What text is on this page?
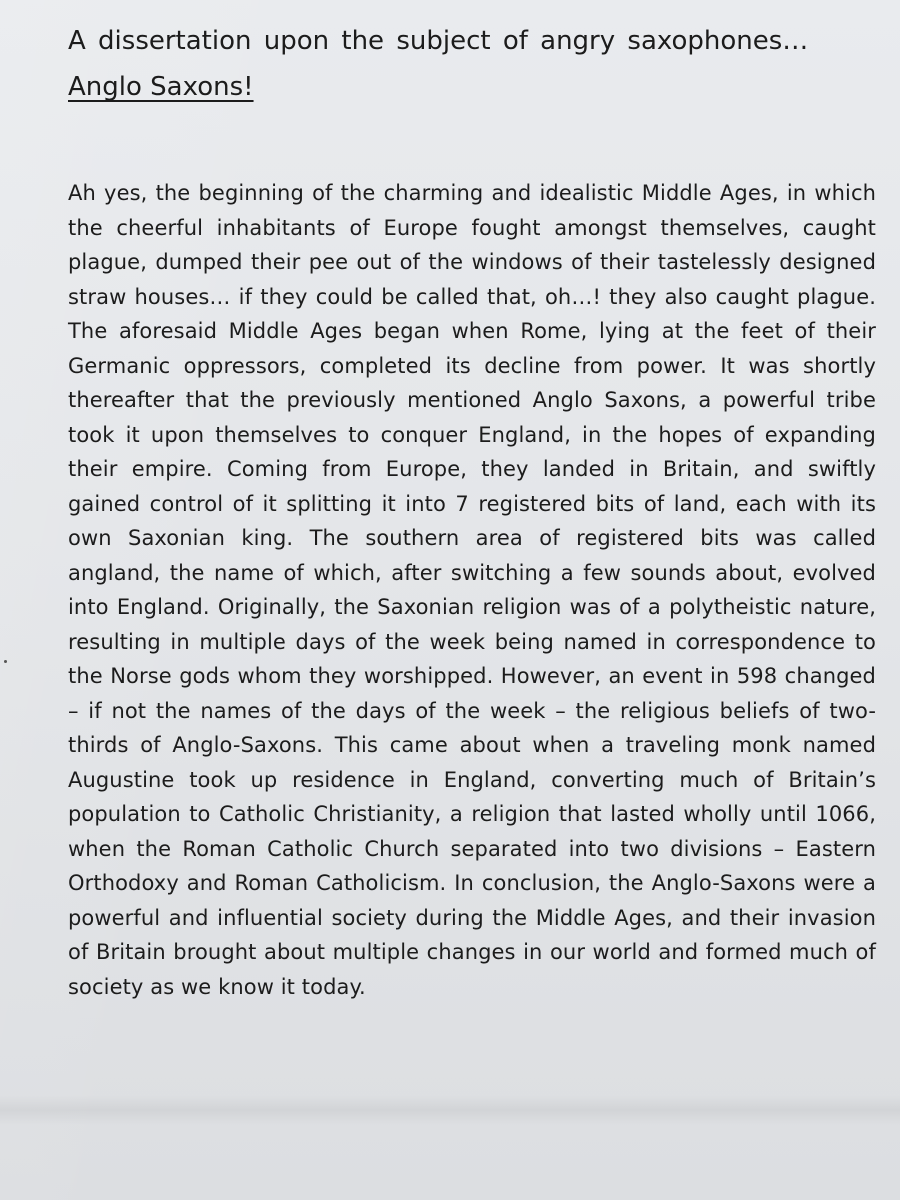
A dissertation upon the subject of angry saxophones…
Anglo Saxons!

Ah yes, the beginning of the charming and idealistic Middle Ages, in which the cheerful inhabitants of Europe fought amongst themselves, caught plague, dumped their pee out of the windows of their tastelessly designed straw houses… if they could be called that, oh…! they also caught plague. The aforesaid Middle Ages began when Rome, lying at the feet of their Germanic oppressors, completed its decline from power. It was shortly thereafter that the previously mentioned Anglo Saxons, a powerful tribe took it upon themselves to conquer England, in the hopes of expanding their empire. Coming from Europe, they landed in Britain, and swiftly gained control of it splitting it into 7 registered bits of land, each with its own Saxonian king. The southern area of registered bits was called angland, the name of which, after switching a few sounds about, evolved into England. Originally, the Saxonian religion was of a polytheistic nature, resulting in multiple days of the week being named in correspondence to the Norse gods whom they worshipped. However, an event in 598 changed – if not the names of the days of the week – the religious beliefs of two-thirds of Anglo-Saxons. This came about when a traveling monk named Augustine took up residence in England, converting much of Britain’s population to Catholic Christianity, a religion that lasted wholly until 1066, when the Roman Catholic Church separated into two divisions – Eastern Orthodoxy and Roman Catholicism. In conclusion, the Anglo-Saxons were a powerful and influential society during the Middle Ages, and their invasion of Britain brought about multiple changes in our world and formed much of society as we know it today.
